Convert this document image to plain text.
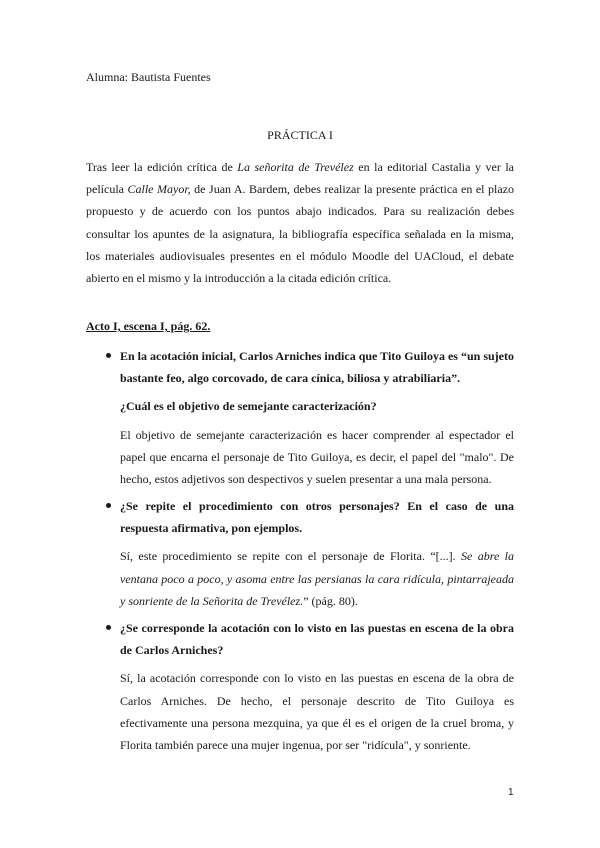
Alumna: Bautista Fuentes
PRÁCTICA I

Tras leer la edición crítica de La señorita de Trevélez en la editorial Castalia y ver la película Calle Mayor, de Juan A. Bardem, debes realizar la presente práctica en el plazo propuesto y de acuerdo con los puntos abajo indicados. Para su realización debes consultar los apuntes de la asignatura, la bibliografía específica señalada en la misma, los materiales audiovisuales presentes en el módulo Moodle del UACloud, el debate abierto en el mismo y la introducción a la citada edición crítica.

Acto I, escena I, pág. 62.

En la acotación inicial, Carlos Arniches indica que Tito Guiloya es “un sujeto bastante feo, algo corcovado, de cara cínica, biliosa y atrabiliaria”.

¿Cuál es el objetivo de semejante caracterización?

El objetivo de semejante caracterización es hacer comprender al espectador el papel que encarna el personaje de Tito Guiloya, es decir, el papel del "malo". De hecho, estos adjetivos son despectivos y suelen presentar a una mala persona.

¿Se repite el procedimiento con otros personajes? En el caso de una respuesta afirmativa, pon ejemplos.

Sí, este procedimiento se repite con el personaje de Florita. “[...]. Se abre la ventana poco a poco, y asoma entre las persianas la cara ridícula, pintarrajeada y sonriente de la Señorita de Trevélez.” (pág. 80).

¿Se corresponde la acotación con lo visto en las puestas en escena de la obra de Carlos Arniches?

Sí, la acotación corresponde con lo visto en las puestas en escena de la obra de Carlos Arniches. De hecho, el personaje descrito de Tito Guiloya es efectivamente una persona mezquina, ya que él es el origen de la cruel broma, y Florita también parece una mujer ingenua, por ser "ridícula", y sonriente.

1
